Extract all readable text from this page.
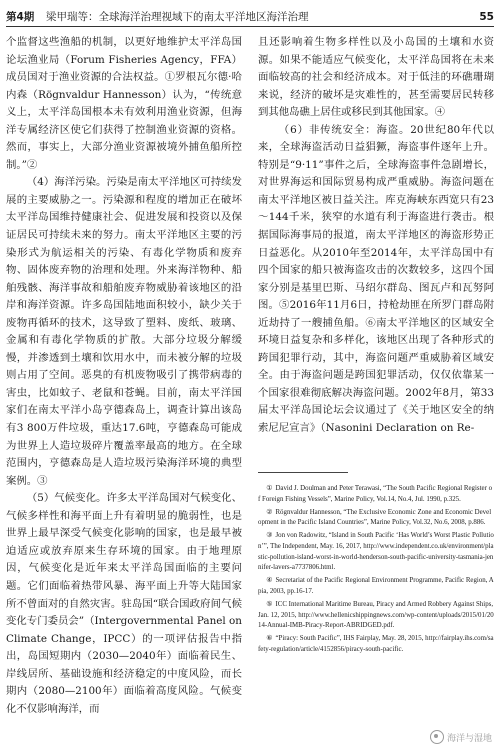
第4期 梁甲瑞等：全球海洋治理视域下的南太平洋地区海洋治理	55

个监督这些渔船的机制，以更好地维护太平洋岛国论坛渔业局（Forum Fisheries Agency，FFA）成员国对于渔业资源的合法权益。①罗根瓦尔德·哈内森（Rögnvaldur Hannesson）认为，“传统意义上，太平洋岛国根本未有效利用渔业资源，但海洋专属经济区使它们获得了控制渔业资源的资格。然而，事实上，大部分渔业资源被境外捕鱼船所控制。”②

（4）海洋污染。污染是南太平洋地区可持续发展的主要威胁之一。污染源和程度的增加正在破坏太平洋岛国维持健康社会、促进发展和投资以及保证居民可持续未来的努力。南太平洋地区主要的污染形式为航运相关的污染、有毒化学物质和废弃物、固体废弃物的治理和处理。外来海洋物种、船舶残骸、海洋事故和船舶废弃物威胁着该地区的沿岸和海洋资源。许多岛国陆地面积较小，缺少关于废物再循环的技术，这导致了塑料、废纸、玻璃、金属和有毒化学物质的扩散。大部分垃圾分解缓慢，并渗透到土壤和饮用水中，而未被分解的垃圾则占用了空间。恶臭的有机废物吸引了携带病毒的害虫，比如蚊子、老鼠和苍蝇。目前，南太平洋国家们在南太平洋小岛亨德森岛上，调查计算出该岛有3 800万件垃圾，重达17.6吨，亨德森岛可能成为世界上人造垃圾碎片覆盖率最高的地方。在全球范围内，亨德森岛是人造垃圾污染海洋环境的典型案例。③

（5）气候变化。许多太平洋岛国对气候变化、气候多样性和海平面上升有着明显的脆弱性，也是世界上最早深受气候变化影响的国家，也是最早被迫适应或放弃原来生存环境的国家。由于地理原因，气候变化是近年来太平洋岛国面临的主要问题。它们面临着热带风暴、海平面上升等大陆国家所不曾面对的自然灾害。驻岛国“联合国政府间气候变化专门委员会”（Intergovernmental Panel on Climate Change，IPCC）的一项评估报告中指出，岛国短期内（2030—2040年）面临着民生、岸线居所、基础设施和经济稳定的中度风险，而长期内（2080—2100年）面临着高度风险。气候变化不仅影响海洋，而

且还影响着生物多样性以及小岛国的土壤和水资源。如果不能适应气候变化，太平洋岛国将在未来面临较高的社会和经济成本。对于低洼的环礁珊瑚来说，经济的破坏是灾难性的，甚至需要居民转移到其他岛礁上居住或移民到其他国家。④

（6）非传统安全：海盗。20世纪80年代以来，全球海盗活动日益猖獗，海盗事件逐年上升。特别是“9·11”事件之后，全球海盗事件急剧增长，对世界海运和国际贸易构成严重威胁。海盗问题在南太平洋地区被日益关注。库克海峡东西宽只有23～144千米，狭窄的水道有利于海盗进行袭击。根据国际海事局的报道，南太平洋地区的海盗形势正日益恶化。从2010年至2014年，太平洋岛国中有四个国家的船只被海盗攻击的次数较多，这四个国家分别是基里巴斯、马绍尔群岛、图瓦卢和瓦努阿图。⑤2016年11月6日，持枪劫匪在所罗门群岛附近劫持了一艘捕鱼船。⑥南太平洋地区的区域安全环境日益复杂和多样化，该地区出现了各种形式的跨国犯罪行动，其中，海盗问题严重威胁着区域安全。由于海盗问题是跨国犯罪活动，仅仅依靠某一个国家很难彻底解决海盗问题。2002年8月，第33届太平洋岛国论坛会议通过了《关于地区安全的纳索尼尼宣言》（Nasonini Declaration on Re-

① David J. Doulman and Peter Terawasi, “The South Pacific Regional Register of Foreign Fishing Vessels”, Marine Policy, Vol.14, No.4, Jul. 1990, p.325.

② Rögnvaldur Hannesson, “The Exclusive Economic Zone and Economic Development in the Pacific Island Countries”, Marine Policy, Vol.32, No.6, 2008, p.886.

③ Jon von Radowitz, “Island in South Pacific ‘Has World’s Worst Plastic Pollution’”, The Independent, May. 16, 2017, http://www.independent.co.uk/environment/plastic-pollution-island-worst-in-world-henderson-south-pacific-university-tasmania-jennifer-lavers-a7737806.html.

④ Secretariat of the Pacific Regional Environment Programme, Pacific Region, Apia, 2003, pp.16-17.

⑤ ICC International Maritime Bureau, Piracy and Armed Robbery Against Ships, Jan. 12, 2015, http://www.hellenicshippingnews.com/wp-content/uploads/2015/01/2014-Annual-IMB-Piracy-Report-ABRIDGED.pdf.

⑥ “Piracy: South Pacific”, IHS Fairplay, May. 28, 2015, http://fairplay.ihs.com/safety-regulation/article/4152856/piracy-south-pacific.

海洋与湿地
